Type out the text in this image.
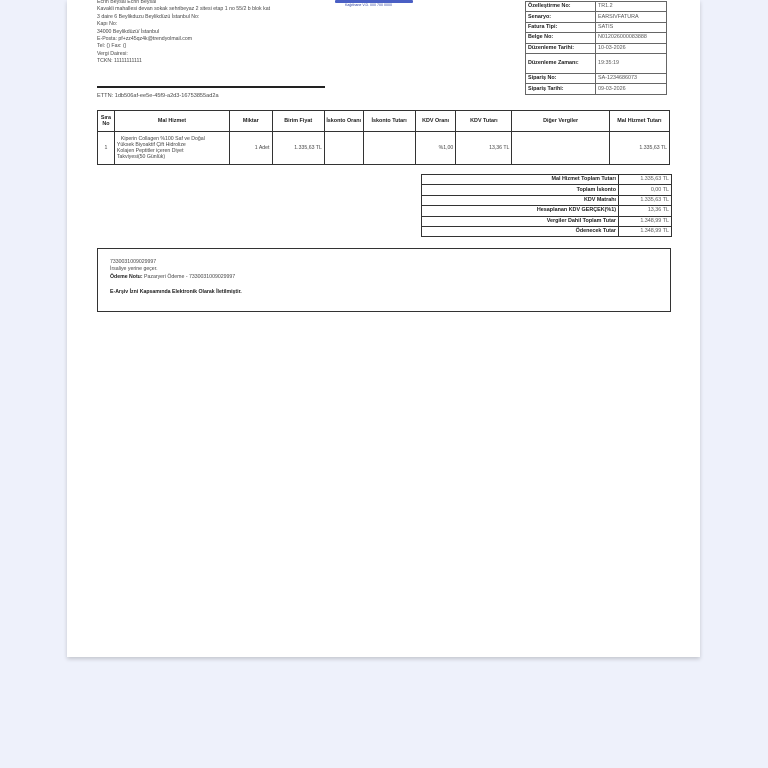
Ecrin Beysal Ecrin Beysal
Kavakli mahallesi devan sokak sehribeyaz 2 sitesi etap 1 no 55/2 b blok kat
3 daire 6 Beylikduzu Beylikdüzü İstanbul No:
Kapı No:
34000 Beylikdüzü/ İstanbul
E-Posta: pf+zz45qz4k@trendyolmail.com
Tel: () Fax: ()
Vergi Dairesi:
TCKN: 11111111111
Kağıthane V.D. 000 700 0000	Özelleştirme No:	TR1.2
Senaryo:	EARSIVFATURA
Fatura Tipi:	SATIS
Belge No:	N012026000083888
Düzenleme Tarihi:	10-03-2026
Düzenleme Zamanı:	19:35:19
Sipariş No:	SA-1234686073
Sipariş Tarihi:	09-03-2026
ETTN: 1db506af-ee5e-45f9-a2d3-16753855ad2a
Sıra No	Mal Hizmet	Miktar	Birim Fiyat	İskonto Oranı	İskonto Tutarı	KDV Oranı	KDV Tutarı	Diğer Vergiler	Mal Hizmet Tutarı
1	Kiperin Collagen %100 Saf ve Doğal
Yüksek Biyoaktif Çift Hidrolize
Kolajen Peptitler içeren Diyet
Takviyesi(50 Günlük)	1 Adet	1.335,63 TL			%1,00	13,36 TL		1.335,63 TL
Mal Hizmet Toplam Tutarı	1.335,63 TL
Toplam İskonto	0,00 TL
KDV Matrahı	1.335,63 TL
Hesaplanan KDV GERÇEK(%1)	13,36 TL
Vergiler Dahil Toplam Tutar	1.348,99 TL
Ödenecek Tutar	1.348,99 TL
7330031009029997
İrsaliye yerine geçer.
Ödeme Notu: Pazaryeri Ödeme - 7330031009029997
E-Arşiv İzni Kapsamında Elektronik Olarak İletilmiştir.
